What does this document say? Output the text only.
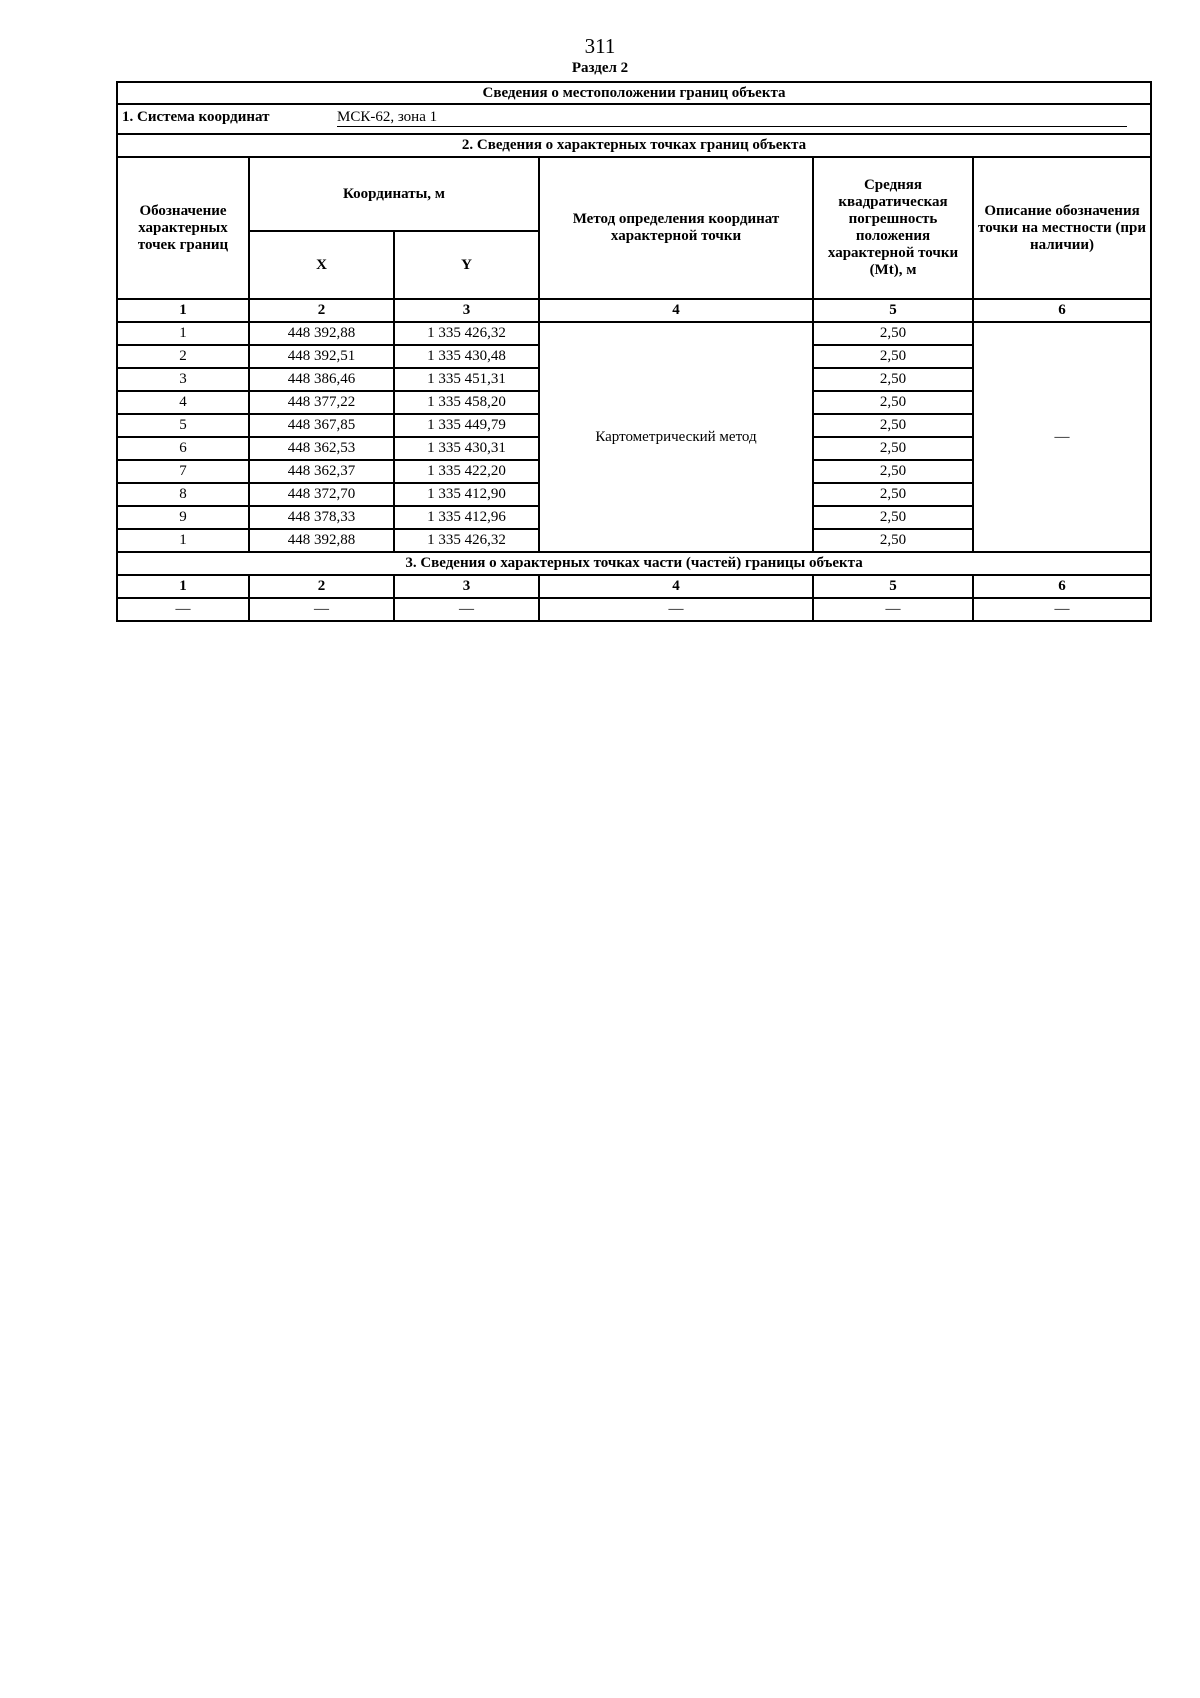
311
Раздел 2
Сведения о местоположении границ объекта					
1. Система координат МСК-62, зона 1					
2. Сведения о характерных точках границ объекта					
Обозначение характерных точек границ	Координаты, м		Метод определения координат характерной точки	Средняя квадратическая погрешность положения характерной точки (Mt), м	Описание обозначения точки на местности (при наличии)
	X	Y			
1	2	3	4	5	6
1	448 392,88	1 335 426,32	Картометрический метод	2,50	—
2	448 392,51	1 335 430,48		2,50	
3	448 386,46	1 335 451,31		2,50	
4	448 377,22	1 335 458,20		2,50	
5	448 367,85	1 335 449,79		2,50	
6	448 362,53	1 335 430,31		2,50	
7	448 362,37	1 335 422,20		2,50	
8	448 372,70	1 335 412,90		2,50	
9	448 378,33	1 335 412,96		2,50	
1	448 392,88	1 335 426,32		2,50	
3. Сведения о характерных точках части (частей) границы объекта					
1	2	3	4	5	6
—	—	—	—	—	—
